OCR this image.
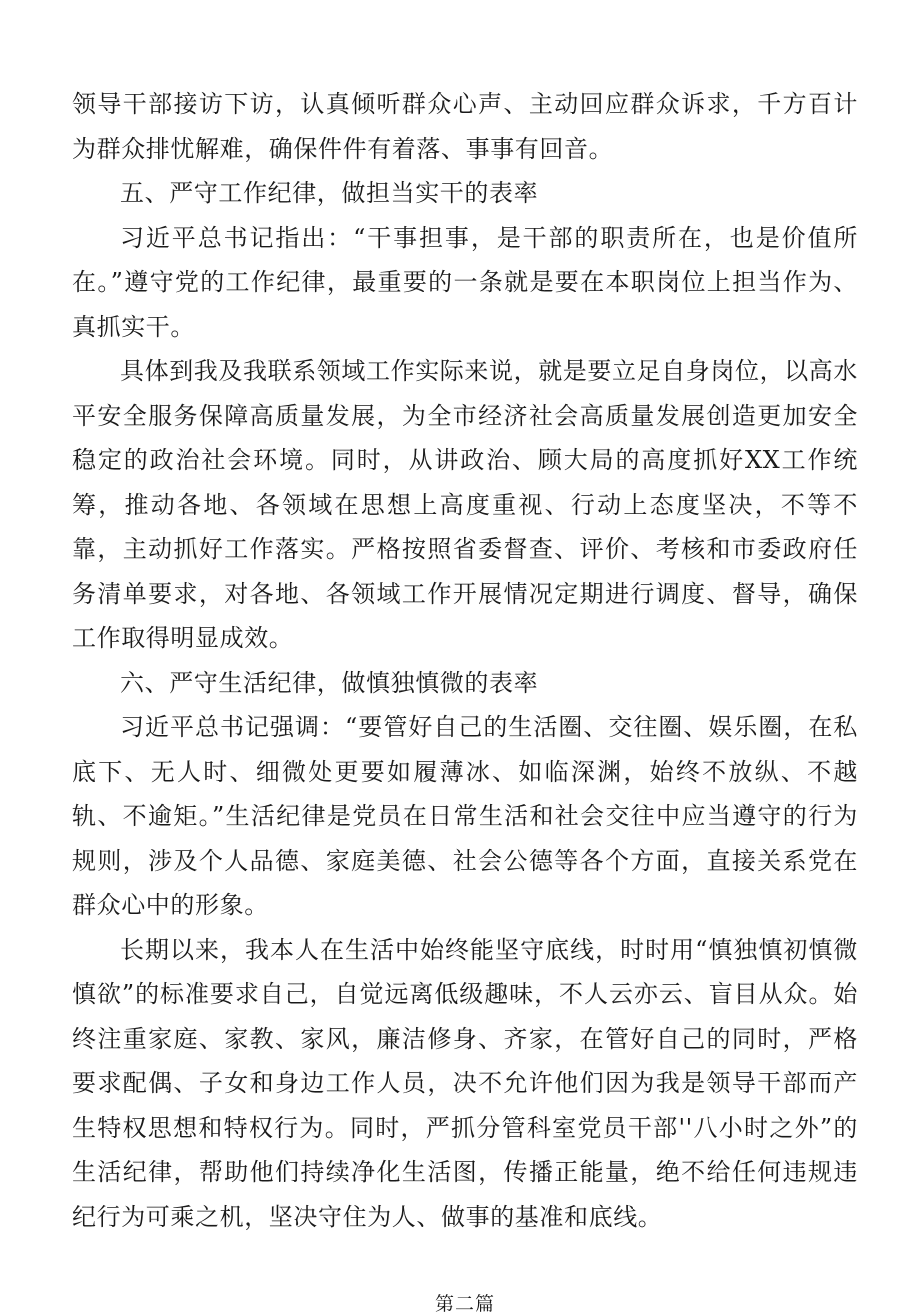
领导干部接访下访，认真倾听群众心声、主动回应群众诉求，千方百计为群众排忧解难，确保件件有着落、事事有回音。

五、严守工作纪律，做担当实干的表率

习近平总书记指出：“干事担事，是干部的职责所在，也是价值所在。”遵守党的工作纪律，最重要的一条就是要在本职岗位上担当作为、真抓实干。

具体到我及我联系领域工作实际来说，就是要立足自身岗位，以高水平安全服务保障高质量发展，为全市经济社会高质量发展创造更加安全稳定的政治社会环境。同时，从讲政治、顾大局的高度抓好XX工作统筹，推动各地、各领域在思想上高度重视、行动上态度坚决，不等不靠，主动抓好工作落实。严格按照省委督查、评价、考核和市委政府任务清单要求，对各地、各领域工作开展情况定期进行调度、督导，确保工作取得明显成效。

六、严守生活纪律，做慎独慎微的表率

习近平总书记强调：“要管好自己的生活圈、交往圈、娱乐圈，在私底下、无人时、细微处更要如履薄冰、如临深渊，始终不放纵、不越轨、不逾矩。”生活纪律是党员在日常生活和社会交往中应当遵守的行为规则，涉及个人品德、家庭美德、社会公德等各个方面，直接关系党在群众心中的形象。

长期以来，我本人在生活中始终能坚守底线，时时用“慎独慎初慎微慎欲”的标准要求自己，自觉远离低级趣味，不人云亦云、盲目从众。始终注重家庭、家教、家风，廉洁修身、齐家，在管好自己的同时，严格要求配偶、子女和身边工作人员，决不允许他们因为我是领导干部而产生特权思想和特权行为。同时，严抓分管科室党员干部''八小时之外”的生活纪律，帮助他们持续净化生活图，传播正能量，绝不给任何违规违纪行为可乘之机，坚决守住为人、做事的基准和底线。

第二篇
